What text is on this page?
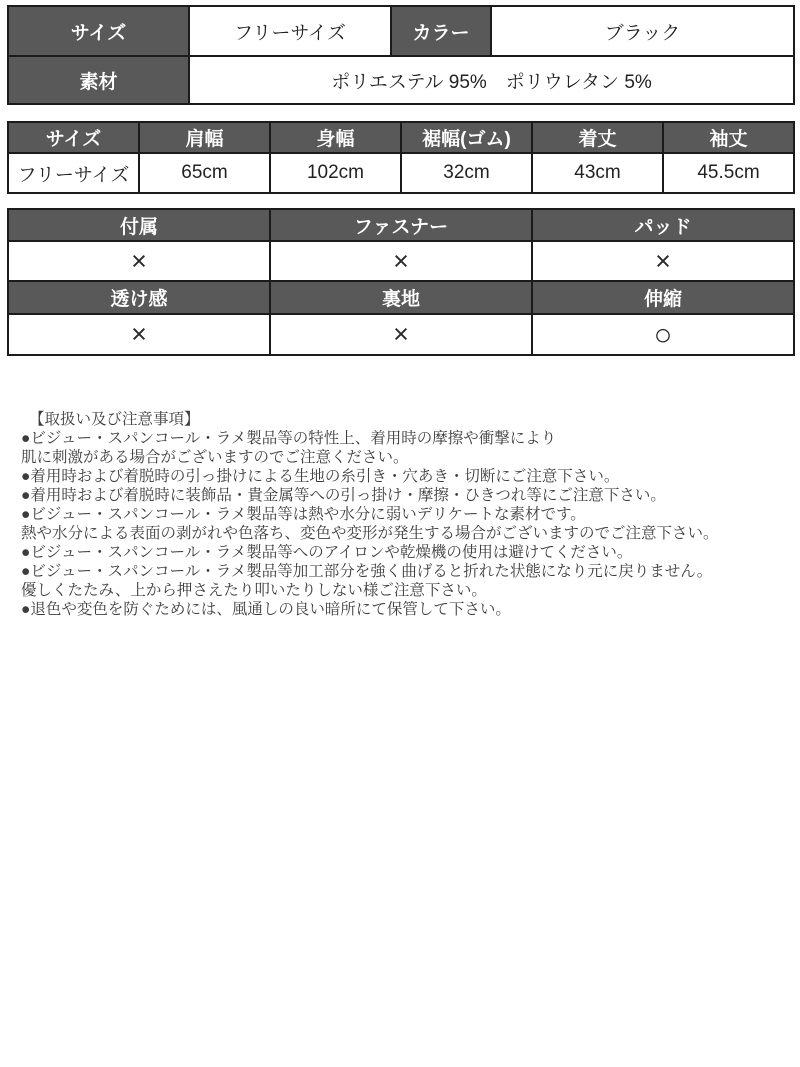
サイズ	フリーサイズ	カラー	ブラック
素材	ポリエステル 95%　ポリウレタン 5%		
サイズ	肩幅	身幅	裾幅(ゴム)	着丈	袖丈
フリーサイズ	65cm	102cm	32cm	43cm	45.5cm
付属	ファスナー	パッド
×	×	×
透け感	裏地	伸縮
×	×	○
【取扱い及び注意事項】
●ビジュー・スパンコール・ラメ製品等の特性上、着用時の摩擦や衝撃により
肌に刺激がある場合がございますのでご注意ください。
●着用時および着脱時の引っ掛けによる生地の糸引き・穴あき・切断にご注意下さい。
●着用時および着脱時に装飾品・貴金属等への引っ掛け・摩擦・ひきつれ等にご注意下さい。
●ビジュー・スパンコール・ラメ製品等は熱や水分に弱いデリケートな素材です。
熱や水分による表面の剥がれや色落ち、変色や変形が発生する場合がございますのでご注意下さい。
●ビジュー・スパンコール・ラメ製品等へのアイロンや乾燥機の使用は避けてください。
●ビジュー・スパンコール・ラメ製品等加工部分を強く曲げると折れた状態になり元に戻りません。
優しくたたみ、上から押さえたり叩いたりしない様ご注意下さい。
●退色や変色を防ぐためには、風通しの良い暗所にて保管して下さい。
